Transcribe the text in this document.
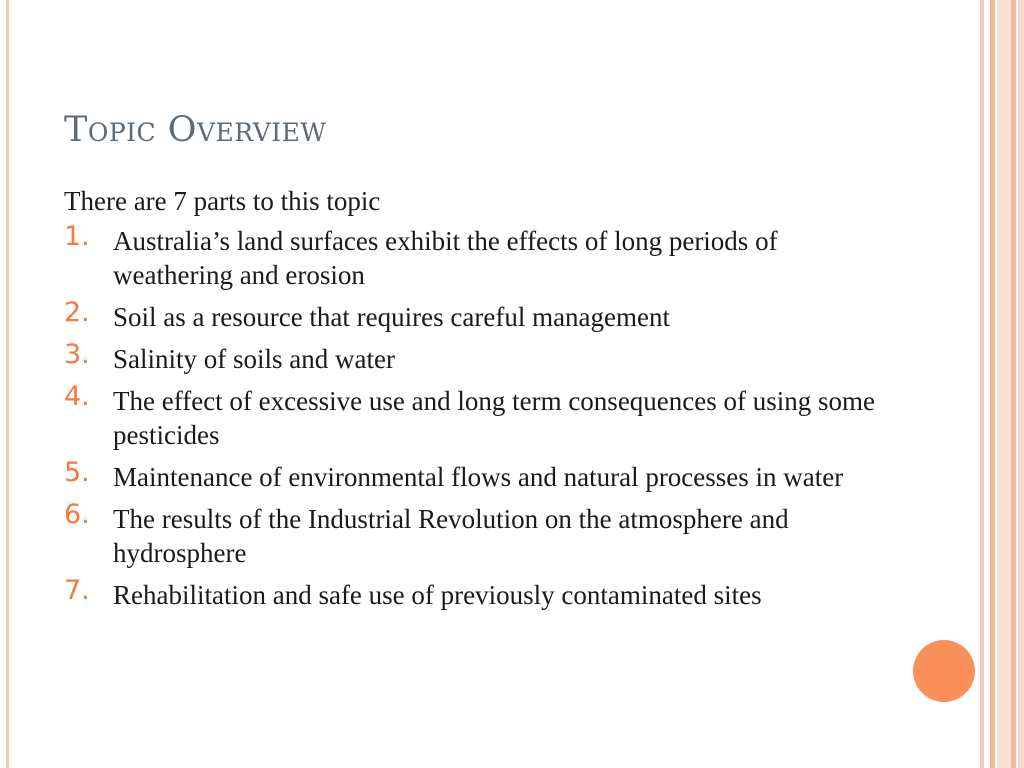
Topic Overview

There are 7 parts to this topic

1. Australia’s land surfaces exhibit the effects of long periods of weathering and erosion
2. Soil as a resource that requires careful management
3. Salinity of soils and water
4. The effect of excessive use and long term consequences of using some pesticides
5. Maintenance of environmental flows and natural processes in water
6. The results of the Industrial Revolution on the atmosphere and hydrosphere
7. Rehabilitation and safe use of previously contaminated sites
